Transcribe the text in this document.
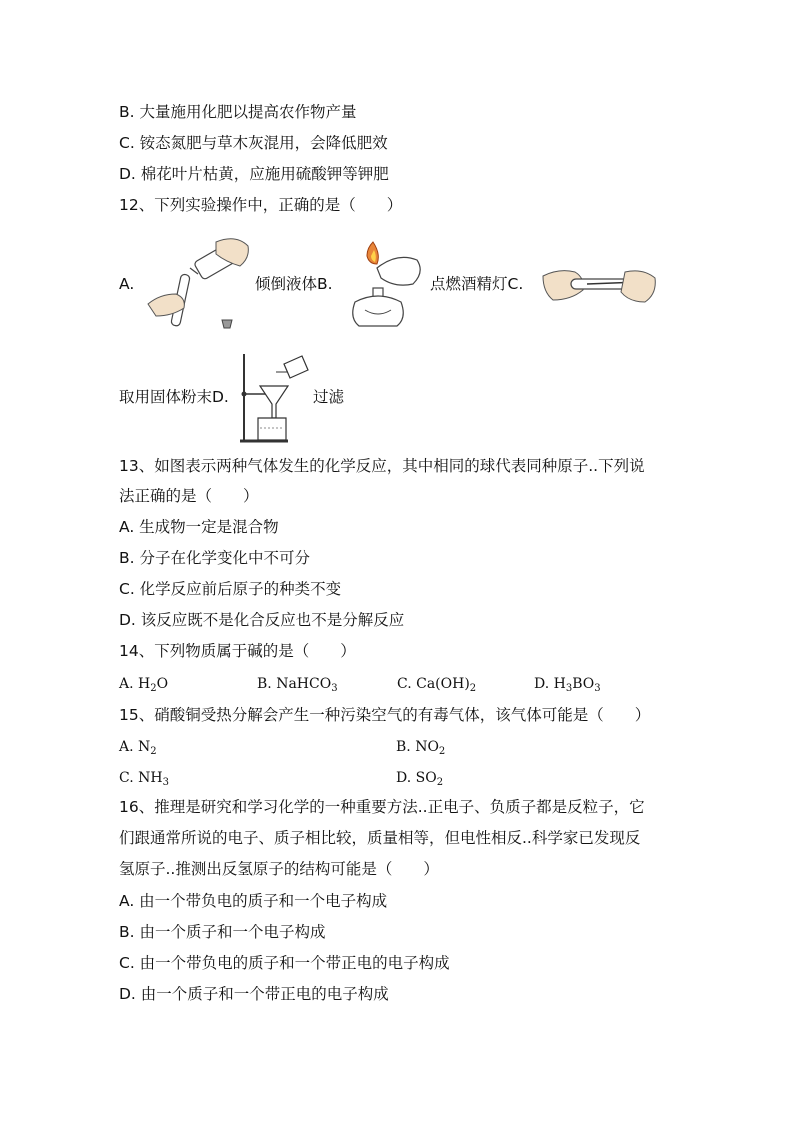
B. 大量施用化肥以提高农作物产量
C. 铵态氮肥与草木灰混用，会降低肥效
D. 棉花叶片枯黄，应施用硫酸钾等钾肥
12、下列实验操作中，正确的是（　　）
A.	倾倒液体B.	点燃酒精灯C.
取用固体粉末D.	过滤
13、如图表示两种气体发生的化学反应，其中相同的球代表同种原子..下列说
法正确的是（　　）
A. 生成物一定是混合物
B. 分子在化学变化中不可分
C. 化学反应前后原子的种类不变
D. 该反应既不是化合反应也不是分解反应
14、下列物质属于碱的是（　　）
A. $H_2O$	B. NaHCO$_3$	C. $Ca(OH)_2$	D. $H_3BO_3$
15、硝酸铜受热分解会产生一种污染空气的有毒气体，该气体可能是（　　）
A. $N_2$	B. $NO_2$
C. $NH_3$	D. $SO_2$
16、推理是研究和学习化学的一种重要方法..正电子、负质子都是反粒子，它
们跟通常所说的电子、质子相比较，质量相等，但电性相反..科学家已发现反
氢原子..推测出反氢原子的结构可能是（　　）
A. 由一个带负电的质子和一个电子构成
B. 由一个质子和一个电子构成
C. 由一个带负电的质子和一个带正电的电子构成
D. 由一个质子和一个带正电的电子构成
